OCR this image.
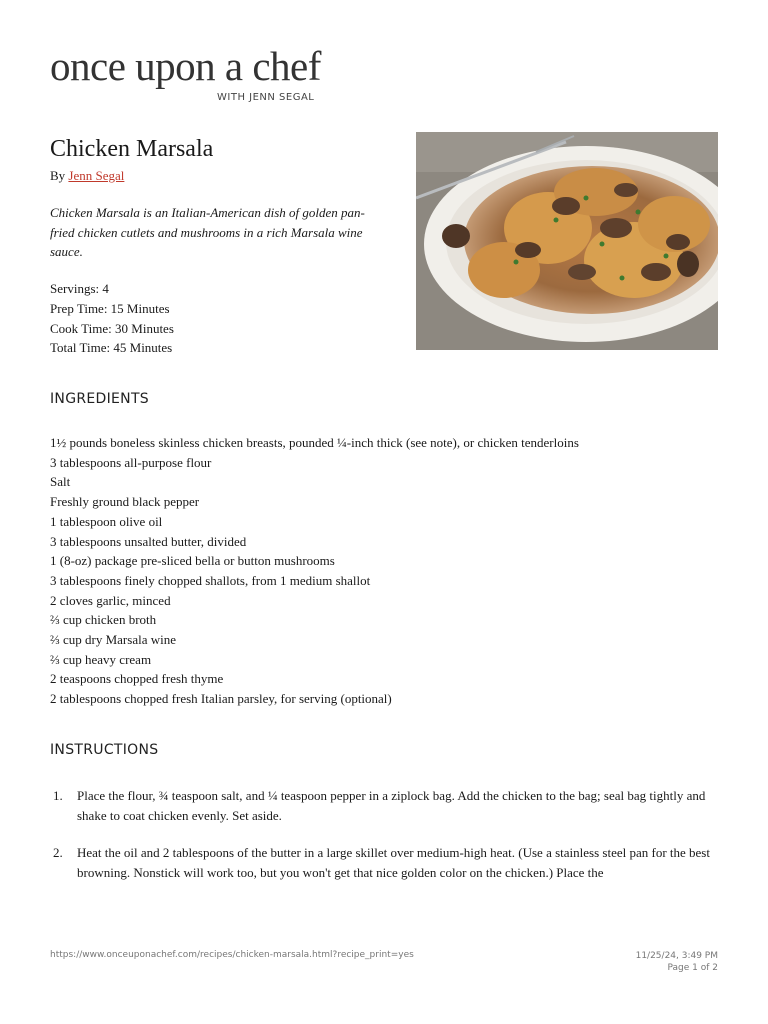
once upon a chef
WITH JENN SEGAL
Chicken Marsala
By Jenn Segal
Chicken Marsala is an Italian-American dish of golden pan-fried chicken cutlets and mushrooms in a rich Marsala wine sauce.
Servings: 4
Prep Time: 15 Minutes
Cook Time: 30 Minutes
Total Time: 45 Minutes
INGREDIENTS
1½ pounds boneless skinless chicken breasts, pounded ¼-inch thick (see note), or chicken tenderloins
3 tablespoons all-purpose flour
Salt
Freshly ground black pepper
1 tablespoon olive oil
3 tablespoons unsalted butter, divided
1 (8-oz) package pre-sliced bella or button mushrooms
3 tablespoons finely chopped shallots, from 1 medium shallot
2 cloves garlic, minced
⅔ cup chicken broth
⅔ cup dry Marsala wine
⅔ cup heavy cream
2 teaspoons chopped fresh thyme
2 tablespoons chopped fresh Italian parsley, for serving (optional)
INSTRUCTIONS
1. Place the flour, ¾ teaspoon salt, and ¼ teaspoon pepper in a ziplock bag. Add the chicken to the bag; seal bag tightly and shake to coat chicken evenly. Set aside.
2. Heat the oil and 2 tablespoons of the butter in a large skillet over medium-high heat. (Use a stainless steel pan for the best browning. Nonstick will work too, but you won't get that nice golden color on the chicken.) Place the
https://www.onceuponachef.com/recipes/chicken-marsala.html?recipe_print=yes	11/25/24, 3:49 PM
Page 1 of 2
